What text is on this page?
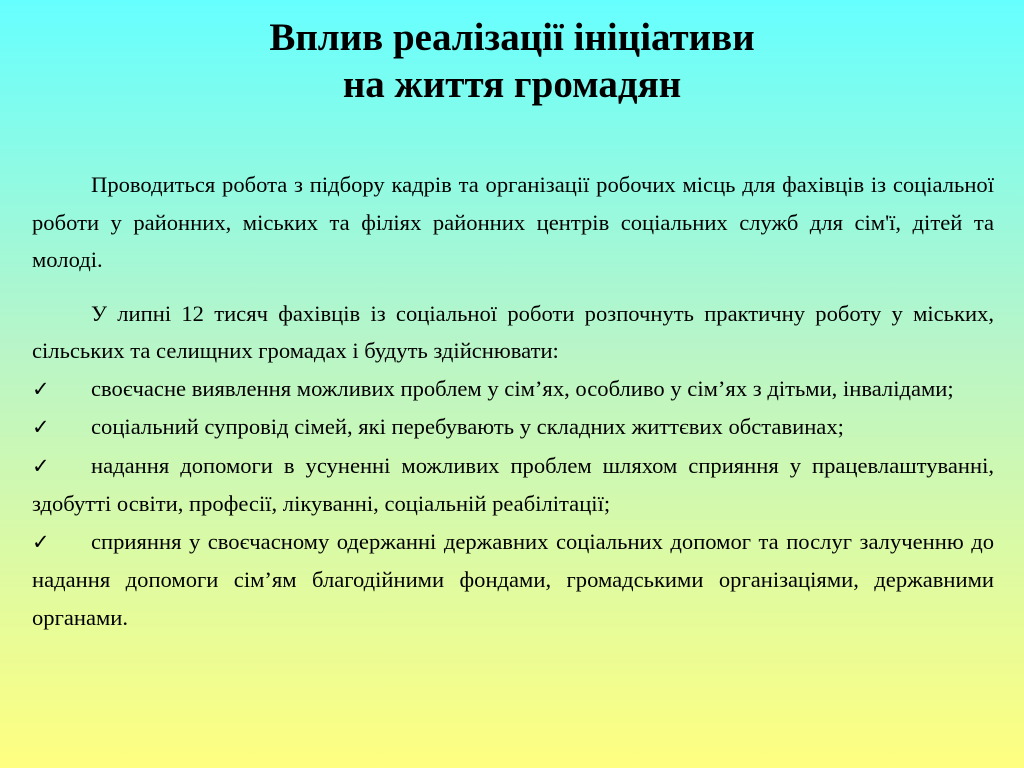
Вплив реалізації ініціативи
на життя громадян

Проводиться робота з підбору кадрів та організації робочих місць для фахівців із соціальної роботи у районних, міських та філіях районних центрів соціальних служб для сім'ї, дітей та молоді.

У липні 12 тисяч фахівців із соціальної роботи розпочнуть практичну роботу у міських, сільських та селищних громадах і будуть здійснювати:

✓ своєчасне виявлення можливих проблем у сім’ях, особливо у сім’ях з дітьми, інвалідами;
✓ соціальний супровід сімей, які перебувають у складних життєвих обставинах;
✓ надання допомоги в усуненні можливих проблем шляхом сприяння у працевлаштуванні, здобутті освіти, професії, лікуванні, соціальній реабілітації;
✓ сприяння у своєчасному одержанні державних соціальних допомог та послуг залученню до надання допомоги сім’ям благодійними фондами, громадськими організаціями, державними органами.
